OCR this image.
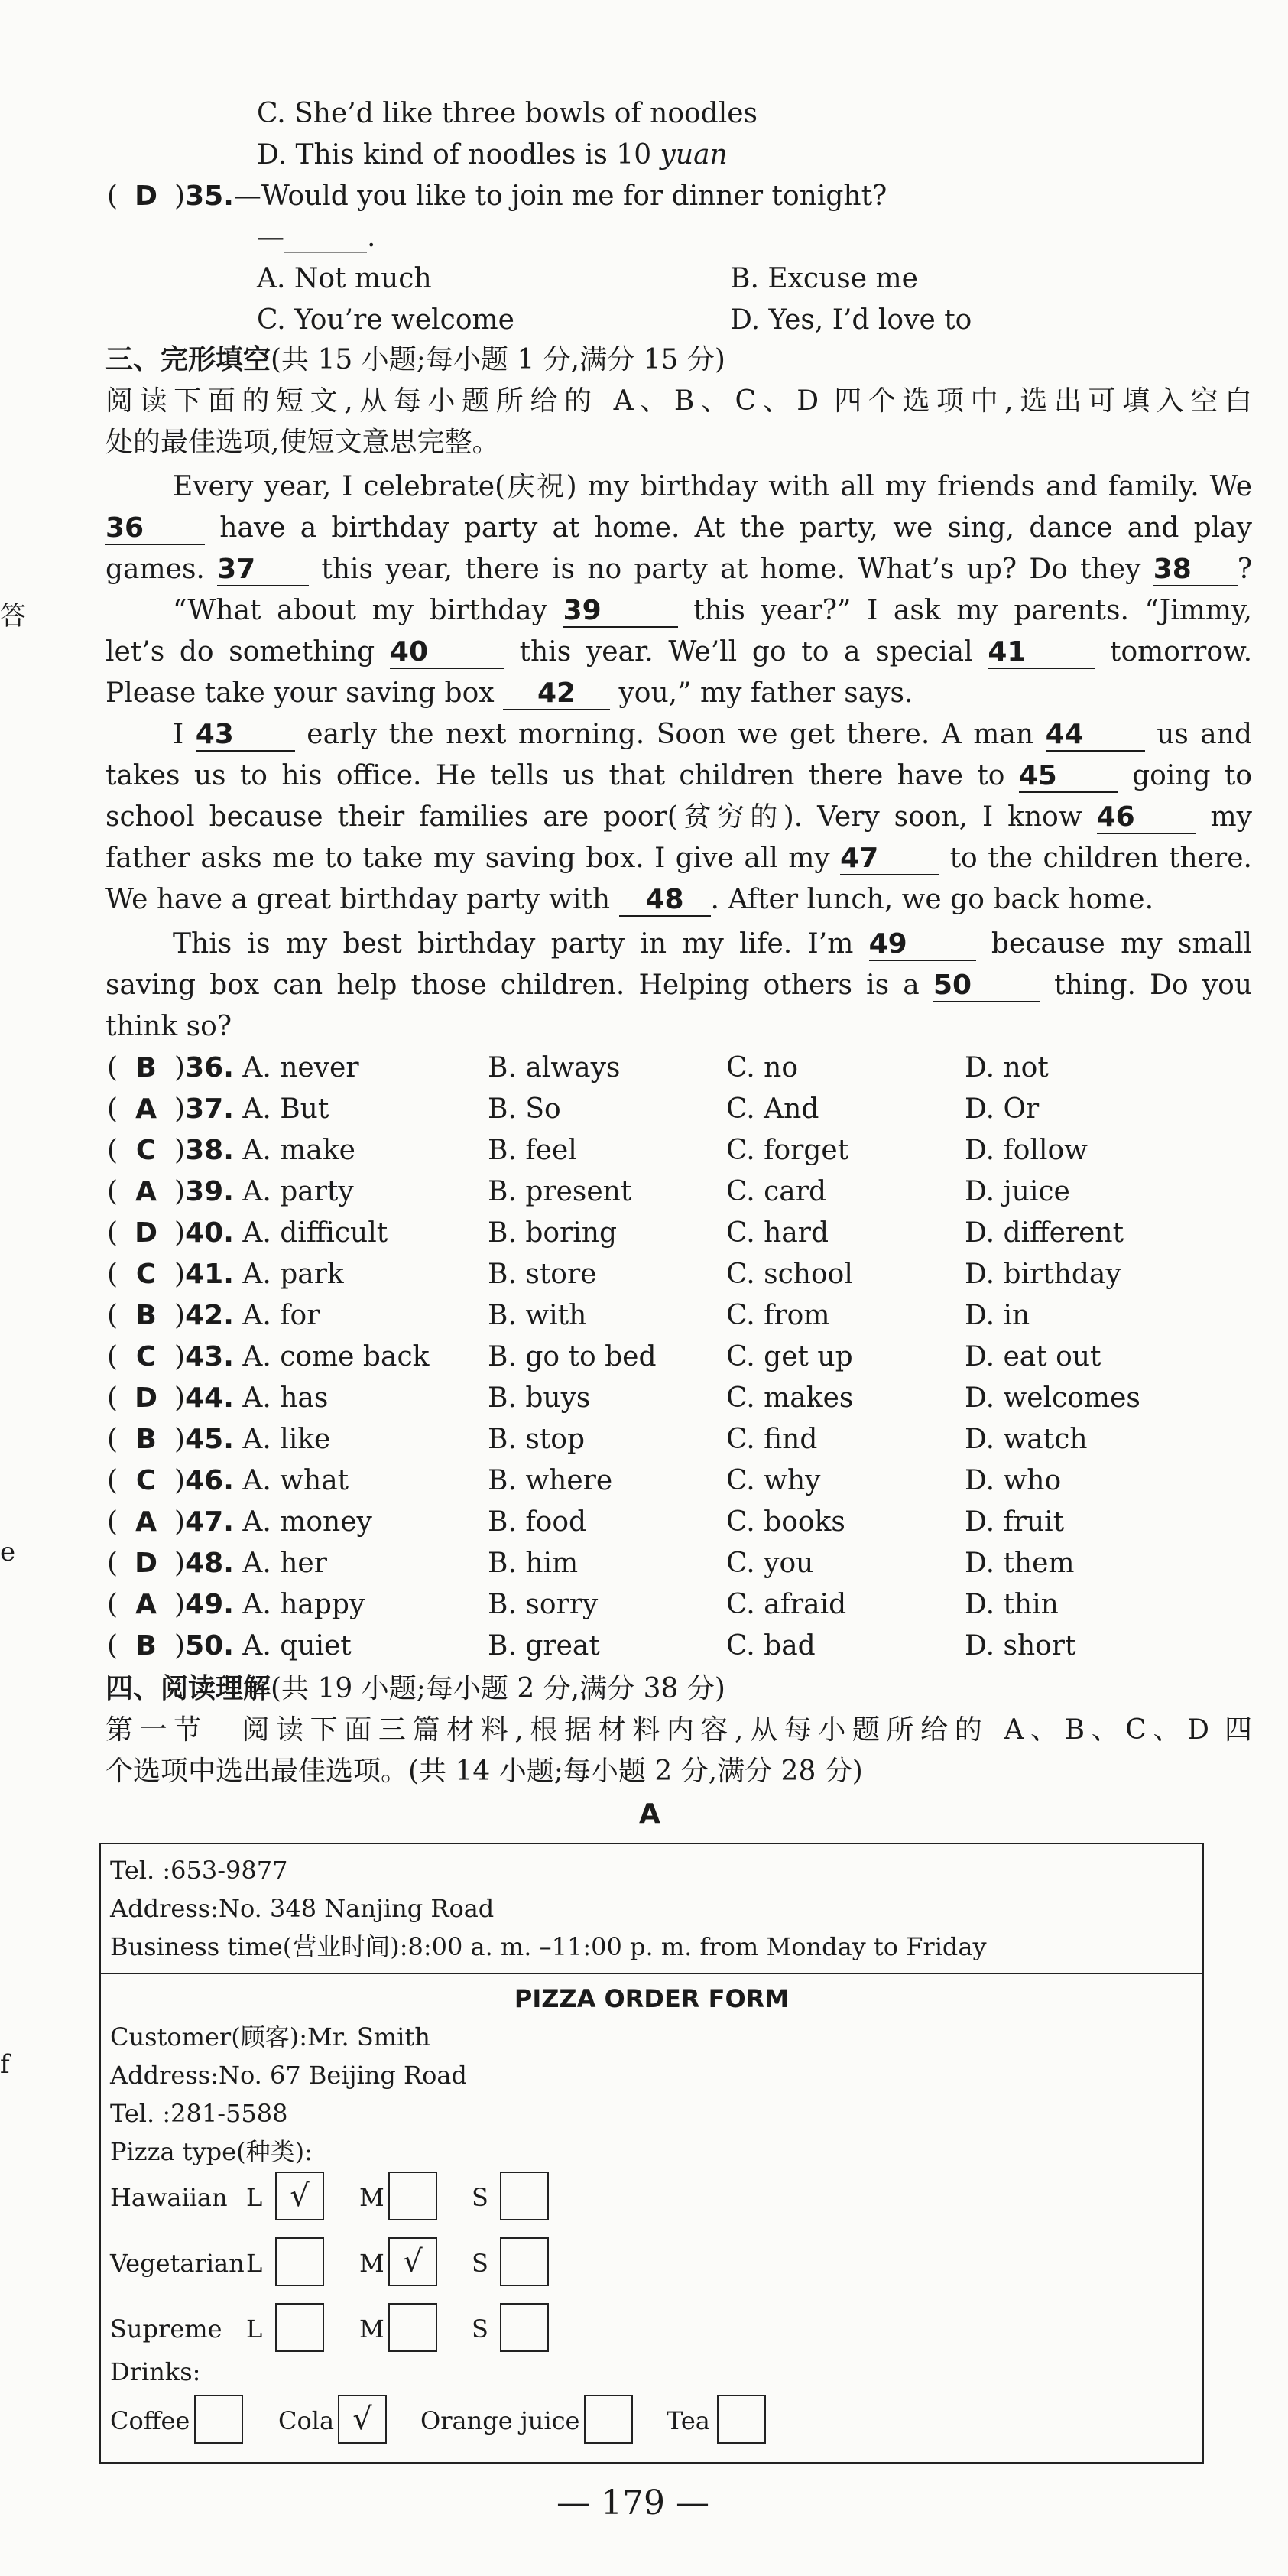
C. She’d like three bowls of noodles
D. This kind of noodles is 10 yuan
( D )35.—Would you like to join me for dinner tonight?
—______.
A. Not much	B. Excuse me
C. You’re welcome	D. Yes, I’d love to
三、完形填空(共 15 小题;每小题 1 分,满分 15 分)
阅读下面的短文,从每小题所给的 A、B、C、D 四个选项中,选出可填入空白
处的最佳选项,使短文意思完整。
Every year, I celebrate(庆祝) my birthday with all my friends and family. We
36	have a birthday party at home. At the party, we sing, dance and play
games. 37 this year, there is no party at home. What’s up? Do they 38 ?
“What about my birthday 39	this year?” I ask my parents. “Jimmy,
let’s do something 40	this year. We’ll go to a special 41	tomorrow.
Please take your saving box 42 you,” my father says.
I 43	early the next morning. Soon we get there. A man 44	us and
takes us to his office. He tells us that children there have to 45	going to
school because their families are poor(贫穷的). Very soon, I know 46	my
father asks me to take my saving box. I give all my 47	to the children there.
We have a great birthday party with 48 . After lunch, we go back home.
This is my best birthday party in my life. I’m 49	because my small
saving box can help those children. Helping others is a 50	thing. Do you
think so?
( B )36. A. never	B. always	C. no	D. not
( A )37. A. But	B. So	C. And	D. Or
( C )38. A. make	B. feel	C. forget	D. follow
( A )39. A. party	B. present	C. card	D. juice
( D )40. A. difficult	B. boring	C. hard	D. different
( C )41. A. park	B. store	C. school	D. birthday
( B )42. A. for	B. with	C. from	D. in
( C )43. A. come back B. go to bed	C. get up	D. eat out
( D )44. A. has	B. buys	C. makes	D. welcomes
( B )45. A. like	B. stop	C. find	D. watch
( C )46. A. what	B. where	C. why	D. who
( A )47. A. money	B. food	C. books	D. fruit
( D )48. A. her	B. him	C. you	D. them
( A )49. A. happy	B. sorry	C. afraid	D. thin
( B )50. A. quiet	B. great	C. bad	D. short
四、阅读理解(共 19 小题;每小题 2 分,满分 38 分)
第一节　阅读下面三篇材料,根据材料内容,从每小题所给的 A、B、C、D 四
个选项中选出最佳选项。(共 14 小题;每小题 2 分,满分 28 分)
A
Tel. :653-9877
Address:No. 348 Nanjing Road
Business time(营业时间):8:00 a. m. –11:00 p. m. from Monday to Friday
PIZZA ORDER FORM
Customer(顾客):Mr. Smith
Address:No. 67 Beijing Road
Tel. :281-5588
Pizza type(种类):
Hawaiian L √	M	S
Vegetarian L	M √	S
Supreme L	M	S
Drinks:
Coffee	Cola √	Orange juice	Tea
— 179 —
答
e
f
